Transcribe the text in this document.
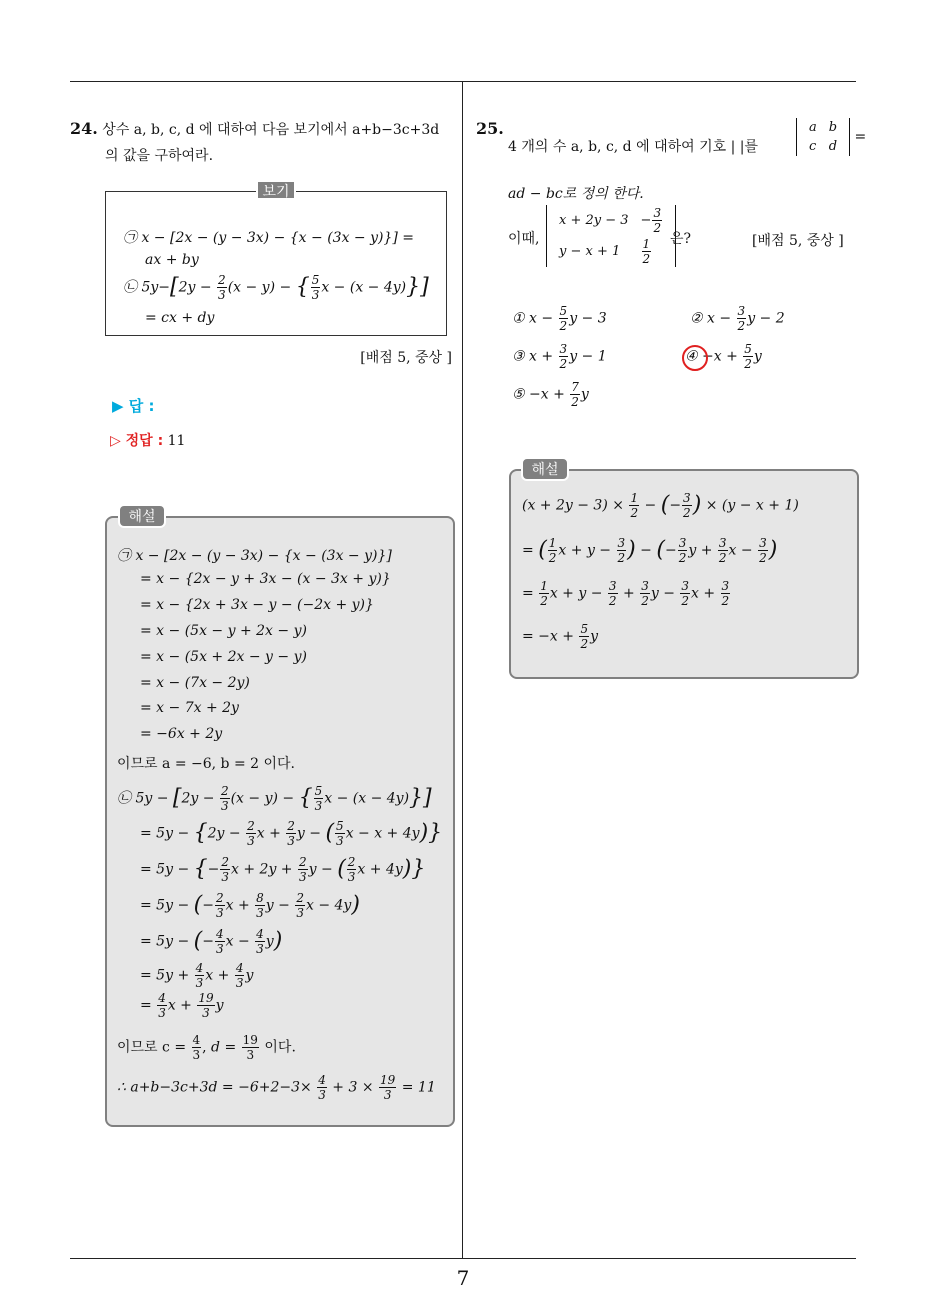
24. 상수 a, b, c, d 에 대하여 다음 보기에서 a+b−3c+3d
의 값을 구하여라.
보기
㉠ x − [2x − (y − 3x) − {x − (3x − y)}] =
ax + by
㉡ $5y-[2y - \frac{2}{3} (x - y)$ − { $\frac{5}{3}$ x − (x − 4y)}]
= cx + dy
[배점 5, 중상 ]
▶ 답 :
▷ 정답 : 11
해설
㉠ x − [2x − (y − 3x) − {x − (3x − y)}]
= x − {2x − y + 3x − (x − 3x + y)}
= x − {2x + 3x − y − (−2x + y)}
= x − (5x − y + 2x − y)
= x − (5x + 2x − y − y)
= x − (7x − 2y)
= x − 7x + 2y
= −6x + 2y
이므로 a = −6, b = 2 이다.
㉡ $5y - [2y - \frac{2}{3} (x - y)$ − { $\frac{5}{3}$ x − (x − 4y)}]
= $5y - \{2y - \frac{2}{3}$ $x + \frac{2}{3}$ y − ( $\frac{5}{3}$ x − x + 4y)}
= 5y − {− $\frac{2}{3}$ $x + 2y + \frac{2}{3}$ y − ( $\frac{2}{3}$ x + 4y)}
= 5y − (− $\frac{2}{3}$ $x + \frac{8}{3}$ $y - \frac{2}{3}$ x − 4y)
= 5y − (− $\frac{4}{3}$ $x - \frac{4}{3} y$)
= $5y + \frac{4}{3}$ $x + \frac{4}{3}$ y
= $\frac{4}{3}$ $x + \frac{19}{3}$ y
이므로 $c = \frac{4}{3}$ , $d = \frac{19}{3}$ 이다.
∴ $a+b-3c+3d = -6+2-3\times \frac{4}{3} + 3 \times \frac{19}{3} = 11$
25.
4 개의 수 a, b, c, d 에 대하여 기호 | |를
a	b
c	d
=
ad − bc로 정의 한다.
이때,
x + 2y − 3	− $\frac{3}{2}$

y − x + 1	$\frac{1}{2}$ 은?	[배점 5, 중상 ]
① $x - \frac{5}{2}$ y − 3	② $x - \frac{3}{2}$ y − 2
③ $x + \frac{3}{2}$ y − 1	④ $-x + \frac{5}{2}$ y
⑤ $-x + \frac{7}{2}$ y
해설
$(x + 2y - 3) \times \frac{1}{2}$ − (− $\frac{3}{2}$ ) × (y − x + 1)
= ( $\frac{1}{2}$ $x + y - \frac{3}{2}$ ) − (− $\frac{3}{2}$ $y + \frac{3}{2}$ $x - \frac{3}{2}$ )
= $\frac{1}{2}$ $x + y - \frac{3}{2} + \frac{3}{2}$ $y - \frac{3}{2}$ $x + \frac{3}{2}$
= $-x + \frac{5}{2}$ y
7
